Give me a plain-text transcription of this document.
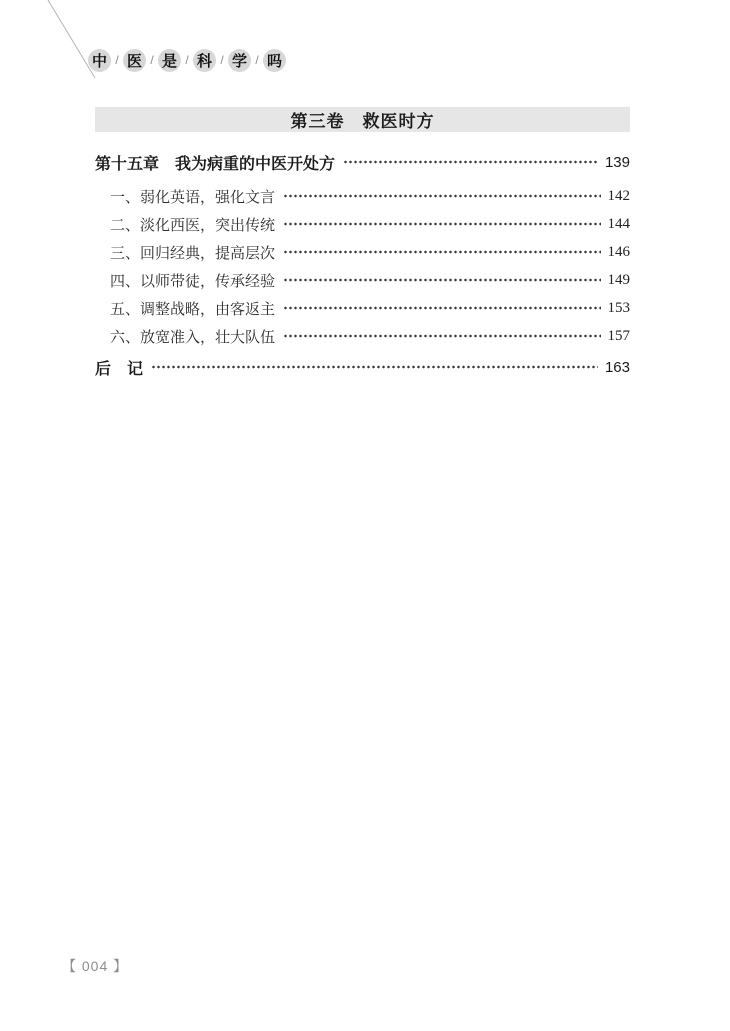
中 / 医 / 是 / 科 / 学 / 吗
第三卷　救医时方
第十五章　我为病重的中医开处方	139
一、弱化英语，强化文言	142
二、淡化西医，突出传统	144
三、回归经典，提高层次	146
四、以师带徒，传承经验	149
五、调整战略，由客返主	153
六、放宽准入，壮大队伍	157
后　记	163
【 004 】
